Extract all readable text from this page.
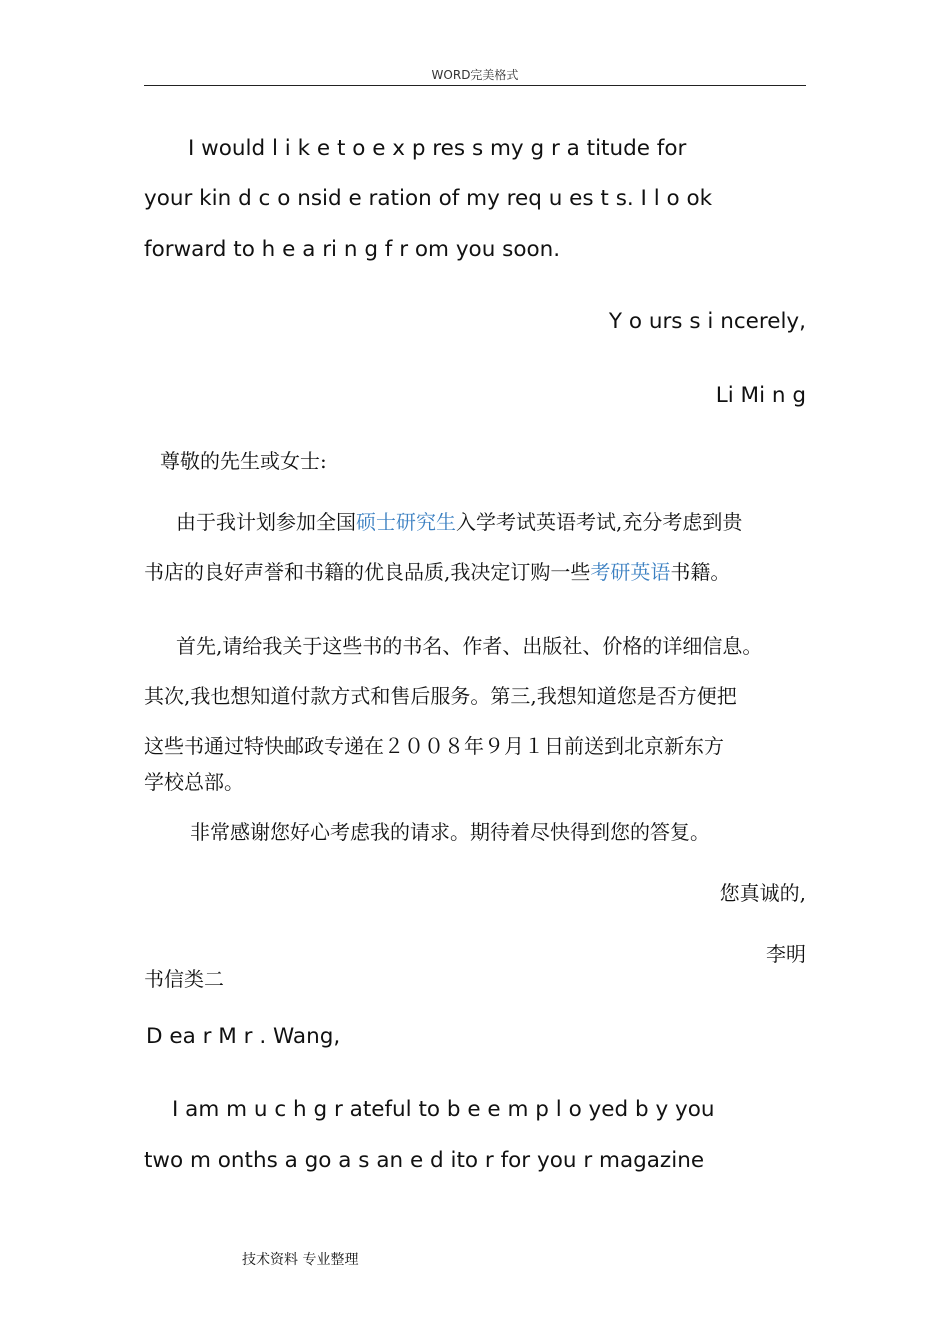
WORD完美格式
I would l i k e t o e x p res s my g r a titude for
your kin d c o nsid e ration of my req u es t s. I l o ok
forward to h e a ri n g f r om you soon.
Y o urs s i ncerely,
Li Mi n g
尊敬的先生或女士:
由于我计划参加全国硕士研究生入学考试英语考试,充分考虑到贵
书店的良好声誉和书籍的优良品质,我决定订购一些考研英语书籍。
首先,请给我关于这些书的书名、作者、出版社、价格的详细信息。
其次,我也想知道付款方式和售后服务。第三,我想知道您是否方便把
这些书通过特快邮政专递在２００８年９月１日前送到北京新东方
学校总部。
非常感谢您好心考虑我的请求。期待着尽快得到您的答复。
您真诚的,
李明
书信类二
D ea r M r . Wang,
I am m u c h g r ateful to b e e m p l o yed b y you
two m onths a go a s an e d ito r for you r magazine
技术资料 专业整理
